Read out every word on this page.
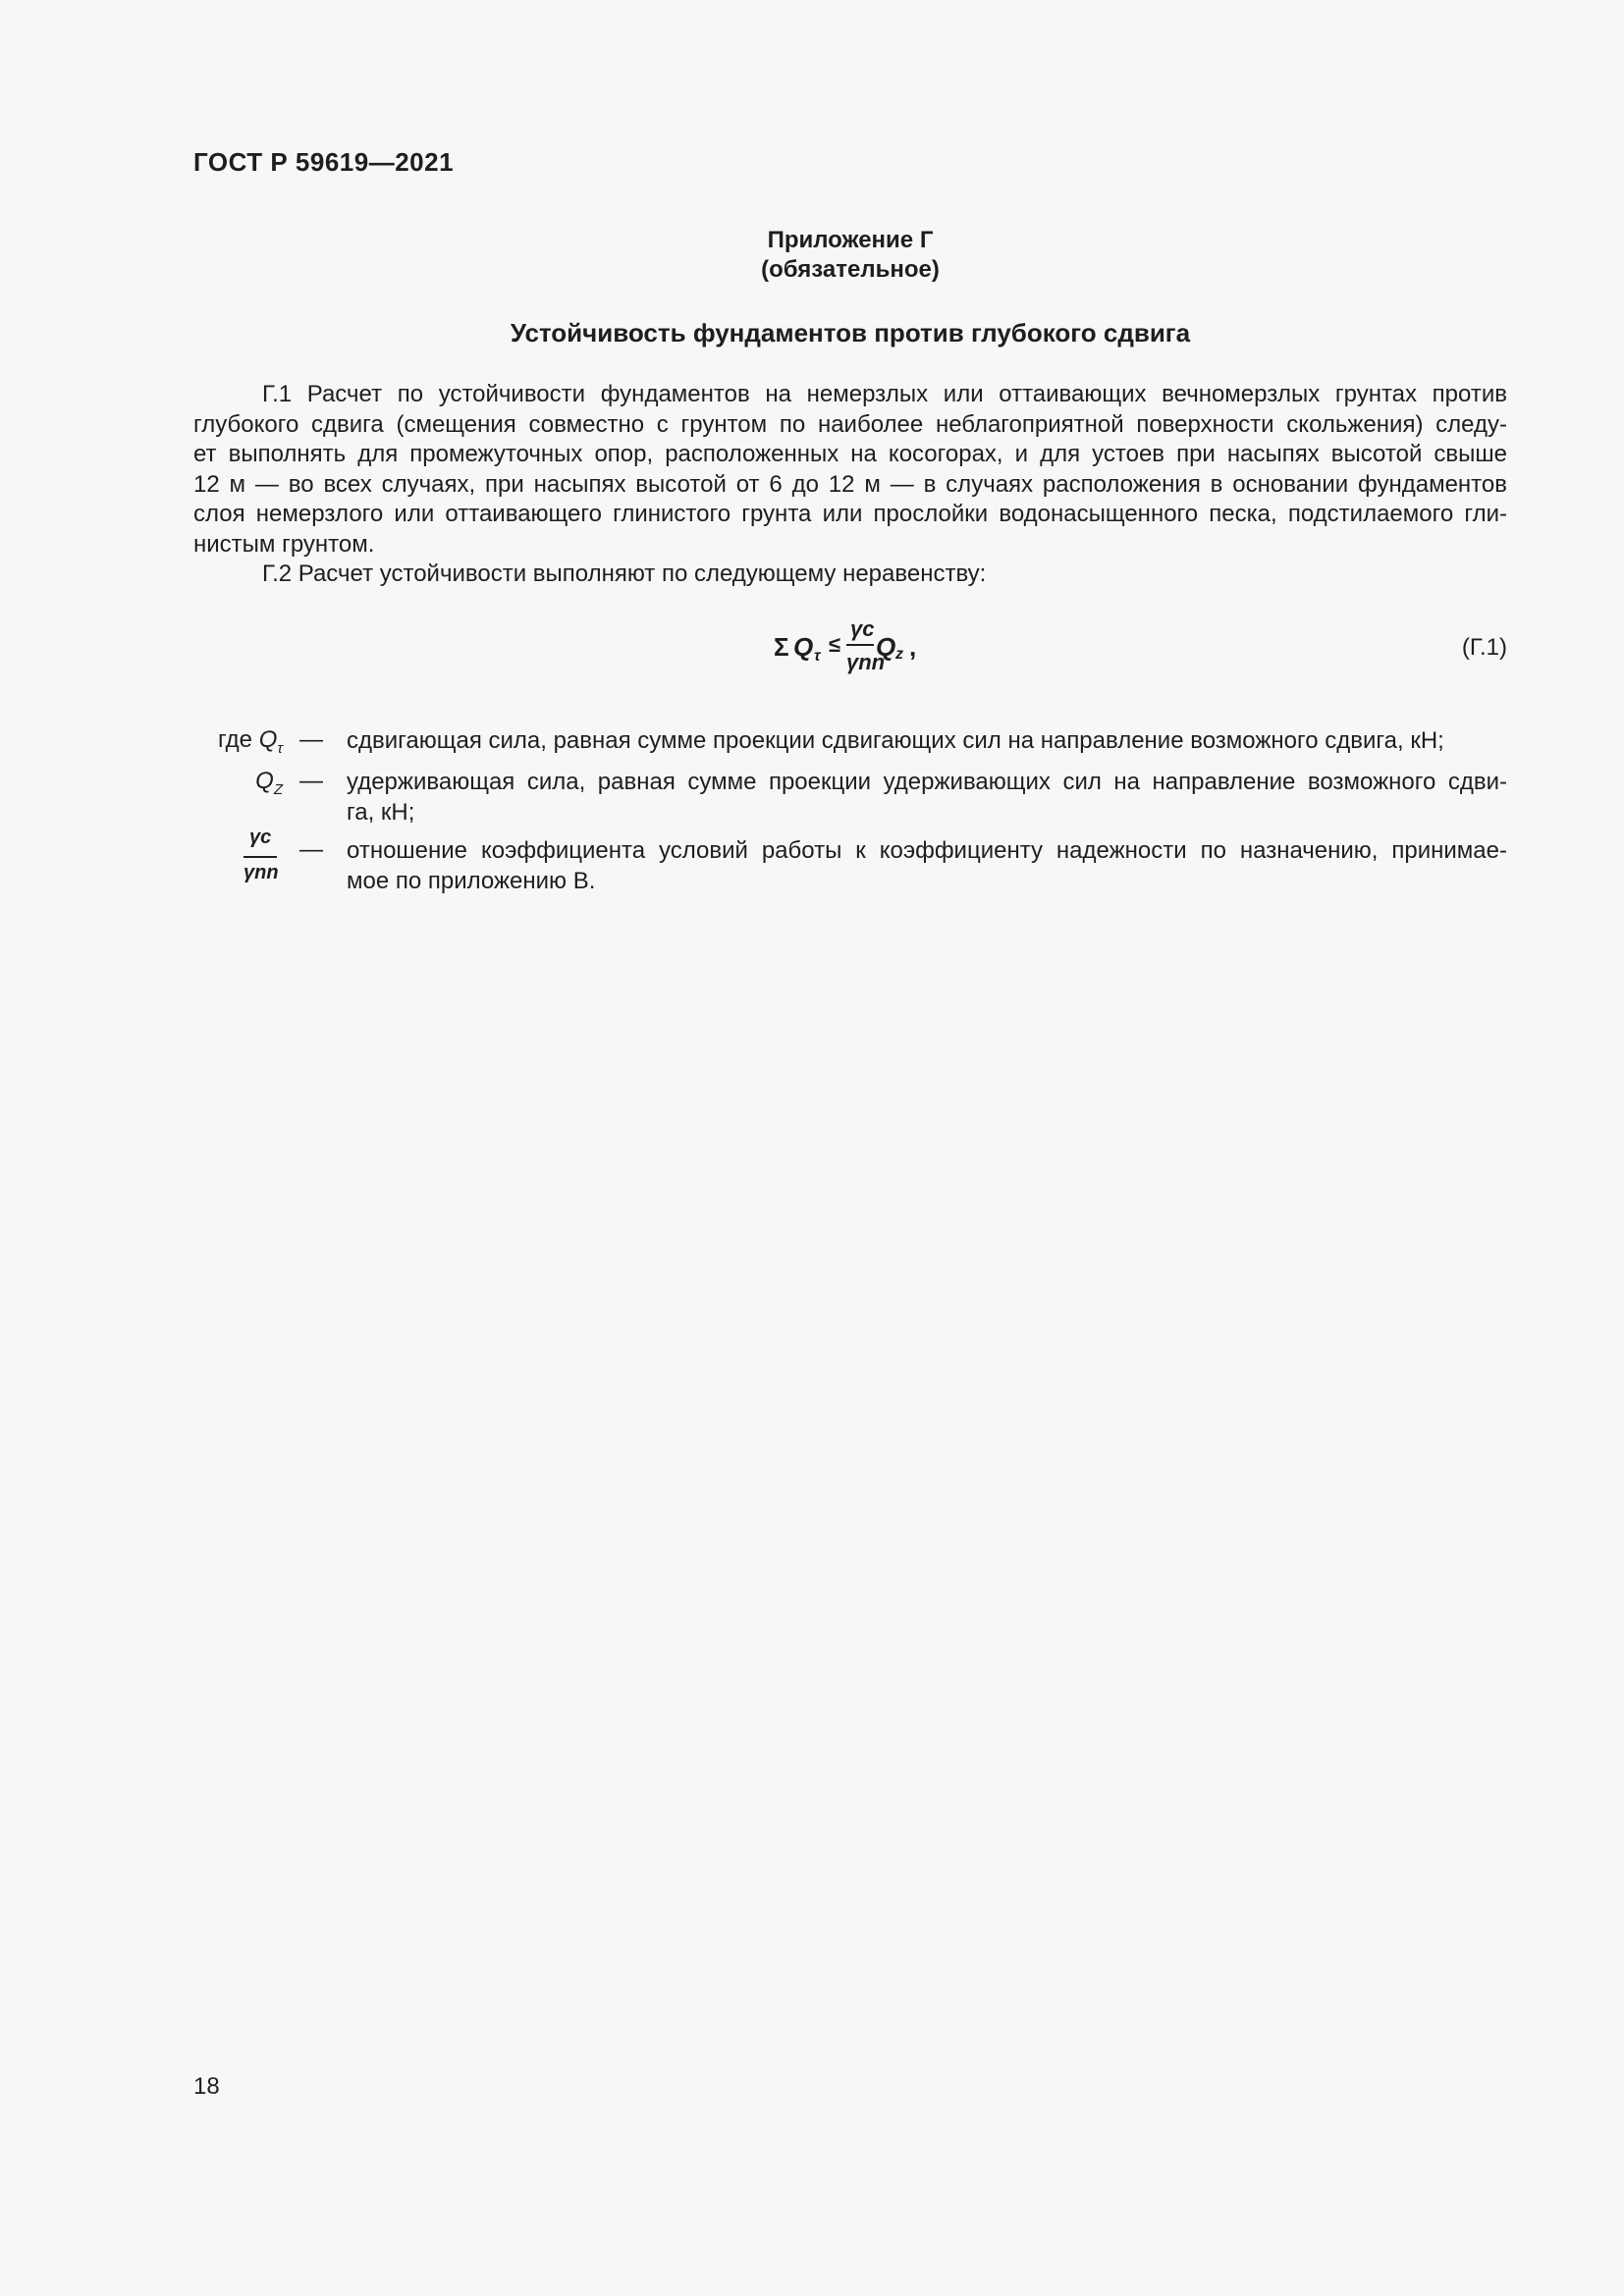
ГОСТ Р 59619—2021
Приложение Г
(обязательное)
Устойчивость фундаментов против глубокого сдвига
Г.1 Расчет по устойчивости фундаментов на немерзлых или оттаивающих вечномерзлых грунтах против
глубокого сдвига (смещения совместно с грунтом по наиболее неблагоприятной поверхности скольжения) следу-
ет выполнять для промежуточных опор, расположенных на косогорах, и для устоев при насыпях высотой свыше
12 м — во всех случаях, при насыпях высотой от 6 до 12 м — в случаях расположения в основании фундаментов
слоя немерзлого или оттаивающего глинистого грунта или прослойки водонасыщенного песка, подстилаемого гли-
нистым грунтом.
Г.2 Расчет устойчивости выполняют по следующему неравенству:
Σ Q τ ≤
γc
γnn
Q z ,	(Г.1)
где $Q_\tau$ — сдвигающая сила, равная сумме проекции сдвигающих сил на направление возможного сдвига, кН;
$Q_Z$ — удерживающая сила, равная сумме проекции удерживающих сил на направление возможного сдви-
га, кН;
γc
γnn
— отношение коэффициента условий работы к коэффициенту надежности по назначению, принимае-
мое по приложению В.
18
